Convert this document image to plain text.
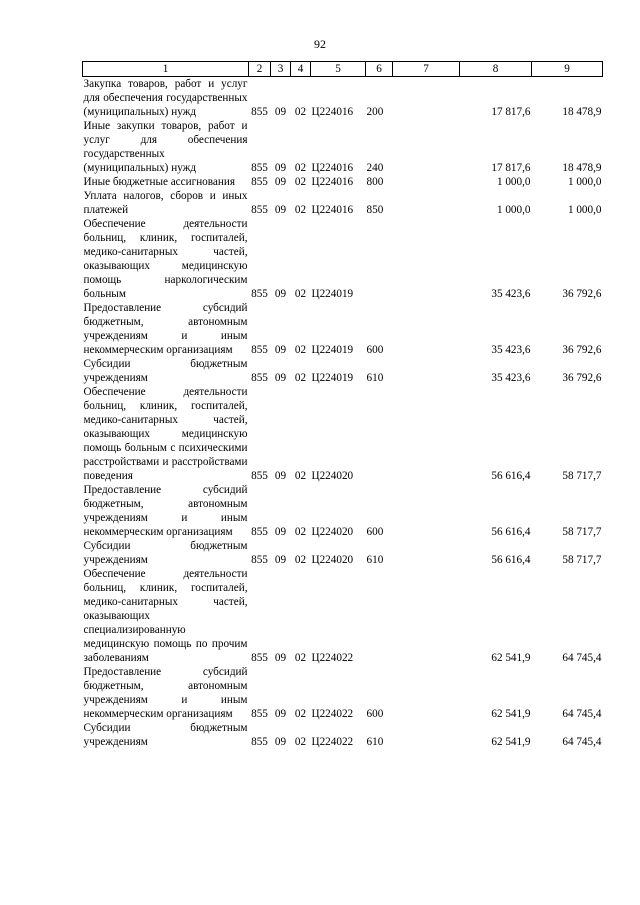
92
1	2	3	4	5	6	7	8	9
Закупка товаров, работ и услуг для обеспечения государственных (муниципальных) нужд	855	09	02	Ц224016	200		17 817,6	18 478,9
Иные закупки товаров, работ и услуг для обеспечения государственных (муниципальных) нужд	855	09	02	Ц224016	240		17 817,6	18 478,9
Иные бюджетные ассигнования	855	09	02	Ц224016	800		1 000,0	1 000,0
Уплата налогов, сборов и иных платежей	855	09	02	Ц224016	850		1 000,0	1 000,0
Обеспечение деятельности больниц, клиник, госпиталей, медико-санитарных частей, оказывающих медицинскую помощь наркологическим больным	855	09	02	Ц224019			35 423,6	36 792,6
Предоставление субсидий бюджетным, автономным учреждениям и иным некоммерческим организациям	855	09	02	Ц224019	600		35 423,6	36 792,6
Субсидии бюджетным учреждениям	855	09	02	Ц224019	610		35 423,6	36 792,6
Обеспечение деятельности больниц, клиник, госпиталей, медико-санитарных частей, оказывающих медицинскую помощь больным с психическими расстройствами и расстройствами поведения	855	09	02	Ц224020			56 616,4	58 717,7
Предоставление субсидий бюджетным, автономным учреждениям и иным некоммерческим организациям	855	09	02	Ц224020	600		56 616,4	58 717,7
Субсидии бюджетным учреждениям	855	09	02	Ц224020	610		56 616,4	58 717,7
Обеспечение деятельности больниц, клиник, госпиталей, медико-санитарных частей, оказывающих специализированную медицинскую помощь по прочим заболеваниям	855	09	02	Ц224022			62 541,9	64 745,4
Предоставление субсидий бюджетным, автономным учреждениям и иным некоммерческим организациям	855	09	02	Ц224022	600		62 541,9	64 745,4
Субсидии бюджетным учреждениям	855	09	02	Ц224022	610		62 541,9	64 745,4
